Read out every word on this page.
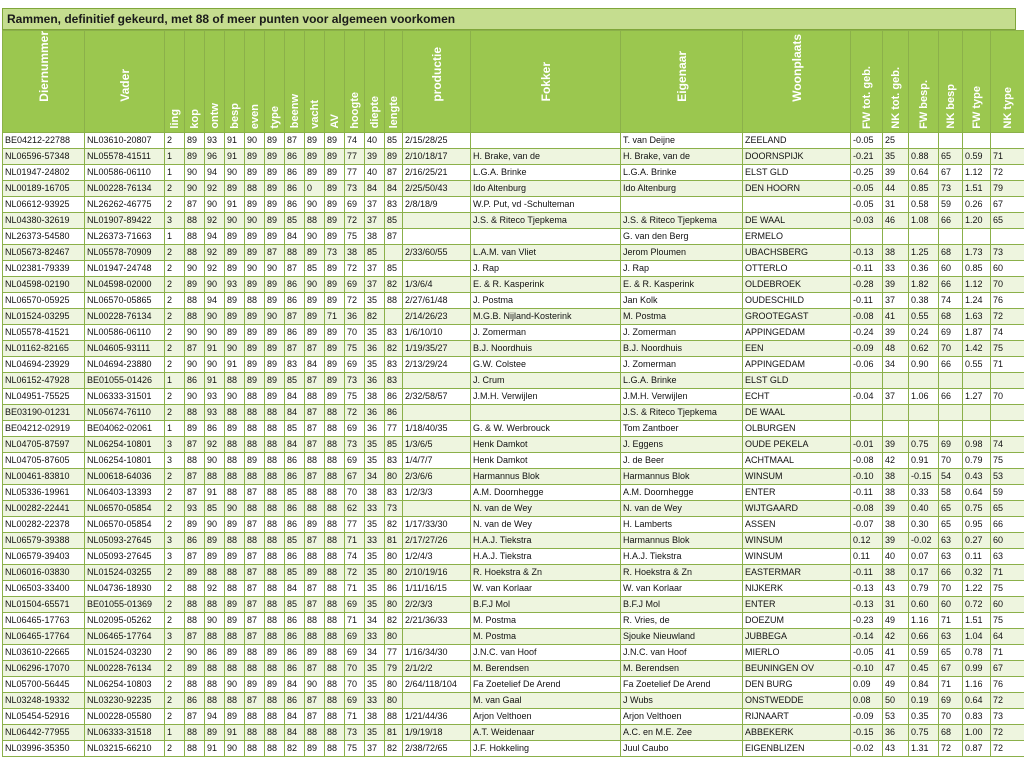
Rammen, definitief gekeurd, met 88 of meer punten voor algemeen voorkomen
Diernummer	Vader	ling	kop	ontw	besp	even	type	beenw	vacht	AV	hoogte	diepte	lengte	productie	Fokker	Eigenaar	Woonplaats	FW tot. geb.	NK tot. geb.	FW besp.	NK besp	FW type	NK type

BE04212-22788	NL03610-20807	2	89	93	91	90	89	87	89	89	74	40	85	2/15/28/25		T. van Deijne	ZEELAND	-0.05	25				
NL06596-57348	NL05578-41511	1	89	96	91	89	89	86	89	89	77	39	89	2/10/18/17	H. Brake, van de	H. Brake, van de	DOORNSPIJK	-0.21	35	0.88	65	0.59	71
NL01947-24802	NL00586-06110	1	90	94	90	89	89	86	89	89	77	40	87	2/16/25/21	L.G.A. Brinke	L.G.A. Brinke	ELST GLD	-0.25	39	0.64	67	1.12	72
NL00189-16705	NL00228-76134	2	90	92	89	88	89	86	0	89	73	84	84	2/25/50/43	Ido Altenburg	Ido Altenburg	DEN HOORN	-0.05	44	0.85	73	1.51	79
NL06612-93925	NL26262-46775	2	87	90	91	89	89	86	90	89	69	37	83	2/8/18/9	W.P. Put, vd -Schulteman			-0.05	31	0.58	59	0.26	67
NL04380-32619	NL01907-89422	3	88	92	90	90	89	85	88	89	72	37	85		J.S. & Riteco Tjepkema	J.S. & Riteco Tjepkema	DE WAAL	-0.03	46	1.08	66	1.20	65
NL26373-54580	NL26373-71663	1	88	94	89	89	89	84	90	89	75	38	87			G. van den Berg	ERMELO						
NL05673-82467	NL05578-70909	2	88	92	89	89	87	88	89	73	38	85		2/33/60/55	L.A.M. van Vliet	Jerom Ploumen	UBACHSBERG	-0.13	38	1.25	68	1.73	73
NL02381-79339	NL01947-24748	2	90	92	89	90	90	87	85	89	72	37	85		J. Rap	J. Rap	OTTERLO	-0.11	33	0.36	60	0.85	60
NL04598-02190	NL04598-02000	2	89	90	93	89	89	86	90	89	69	37	82	1/3/6/4	E. & R. Kasperink	E. & R. Kasperink	OLDEBROEK	-0.28	39	1.82	66	1.12	70
NL06570-05925	NL06570-05865	2	88	94	89	88	89	86	89	89	72	35	88	2/27/61/48	J. Postma	Jan Kolk	OUDESCHILD	-0.11	37	0.38	74	1.24	76
NL01524-03295	NL00228-76134	2	88	90	89	89	90	87	89	71	36	82		2/14/26/23	M.G.B. Nijland-Kosterink	M. Postma	GROOTEGAST	-0.08	41	0.55	68	1.63	72
NL05578-41521	NL00586-06110	2	90	90	89	89	89	86	89	89	70	35	83	1/6/10/10	J. Zomerman	J. Zomerman	APPINGEDAM	-0.24	39	0.24	69	1.87	74
NL01162-82165	NL04605-93111	2	87	91	90	89	89	87	87	89	75	36	82	1/19/35/27	B.J. Noordhuis	B.J. Noordhuis	EEN	-0.09	48	0.62	70	1.42	75
NL04694-23929	NL04694-23880	2	90	90	91	89	89	83	84	89	69	35	83	2/13/29/24	G.W. Colstee	J. Zomerman	APPINGEDAM	-0.06	34	0.90	66	0.55	71
NL06152-47928	BE01055-01426	1	86	91	88	89	89	85	87	89	73	36	83		J. Crum	L.G.A. Brinke	ELST GLD						
NL04951-75525	NL06333-31501	2	90	93	90	88	89	84	88	89	75	38	86	2/32/58/57	J.M.H. Verwijlen	J.M.H. Verwijlen	ECHT	-0.04	37	1.06	66	1.27	70
BE03190-01231	NL05674-76110	2	88	93	88	88	88	84	87	88	72	36	86			J.S. & Riteco Tjepkema	DE WAAL						
BE04212-02919	BE04062-02061	1	89	86	89	88	88	85	87	88	69	36	77	1/18/40/35	G. & W. Werbrouck	Tom Zantboer	OLBURGEN						
NL04705-87597	NL06254-10801	3	87	92	88	88	88	84	87	88	73	35	85	1/3/6/5	Henk Damkot	J. Eggens	OUDE PEKELA	-0.01	39	0.75	69	0.98	74
NL04705-87605	NL06254-10801	3	88	90	88	89	88	86	88	88	69	35	83	1/4/7/7	Henk Damkot	J. de Beer	ACHTMAAL	-0.08	42	0.91	70	0.79	75
NL00461-83810	NL00618-64036	2	87	88	88	88	88	86	87	88	67	34	80	2/3/6/6	Harmannus Blok	Harmannus Blok	WINSUM	-0.10	38	-0.15	54	0.43	53
NL05336-19961	NL06403-13393	2	87	91	88	87	88	85	88	88	70	38	83	1/2/3/3	A.M. Doornhegge	A.M. Doornhegge	ENTER	-0.11	38	0.33	58	0.64	59
NL00282-22441	NL06570-05854	2	93	85	90	88	88	86	88	88	62	33	73		N. van de Wey	N. van de Wey	WIJTGAARD	-0.08	39	0.40	65	0.75	65
NL00282-22378	NL06570-05854	2	89	90	89	87	88	86	89	88	77	35	82	1/17/33/30	N. van de Wey	H. Lamberts	ASSEN	-0.07	38	0.30	65	0.95	66
NL06579-39388	NL05093-27645	3	86	89	88	88	88	85	87	88	71	33	81	2/17/27/26	H.A.J. Tiekstra	Harmannus Blok	WINSUM	0.12	39	-0.02	63	0.27	60
NL06579-39403	NL05093-27645	3	87	89	89	87	88	86	88	88	74	35	80	1/2/4/3	H.A.J. Tiekstra	H.A.J. Tiekstra	WINSUM	0.11	40	0.07	63	0.11	63
NL06016-03830	NL01524-03255	2	89	88	88	87	88	85	89	88	72	35	80	2/10/19/16	R. Hoekstra & Zn	R. Hoekstra & Zn	EASTERMAR	-0.11	38	0.17	66	0.32	71
NL06503-33400	NL04736-18930	2	88	92	88	87	88	84	87	88	71	35	86	1/11/16/15	W. van Korlaar	W. van Korlaar	NIJKERK	-0.13	43	0.79	70	1.22	75
NL01504-65571	BE01055-01369	2	88	88	89	87	88	85	87	88	69	35	80	2/2/3/3	B.F.J Mol	B.F.J Mol	ENTER	-0.13	31	0.60	60	0.72	60
NL06465-17763	NL02095-05262	2	88	90	89	87	88	86	88	88	71	34	82	2/21/36/33	M. Postma	R. Vries, de	DOEZUM	-0.23	49	1.16	71	1.51	75
NL06465-17764	NL06465-17764	3	87	88	88	87	88	86	88	88	69	33	80		M. Postma	Sjouke Nieuwland	JUBBEGA	-0.14	42	0.66	63	1.04	64
NL03610-22665	NL01524-03230	2	90	86	89	88	89	86	89	88	69	34	77	1/16/34/30	J.N.C. van Hoof	J.N.C. van Hoof	MIERLO	-0.05	41	0.59	65	0.78	71
NL06296-17070	NL00228-76134	2	89	88	88	88	88	86	87	88	70	35	79	2/1/2/2	M. Berendsen	M. Berendsen	BEUNINGEN OV	-0.10	47	0.45	67	0.99	67
NL05700-56445	NL06254-10803	2	88	88	90	89	89	84	90	88	70	35	80	2/64/118/104	Fa Zoetelief De Arend	Fa Zoetelief De Arend	DEN BURG	0.09	49	0.84	71	1.16	76
NL03248-19332	NL03230-92235	2	86	88	88	87	88	86	87	88	69	33	80		M. van Gaal	J Wubs	ONSTWEDDE	0.08	50	0.19	69	0.64	72
NL05454-52916	NL00228-05580	2	87	94	89	88	88	84	87	88	71	38	88	1/21/44/36	Arjon Velthoen	Arjon Velthoen	RIJNAART	-0.09	53	0.35	70	0.83	73
NL06442-77955	NL06333-31518	1	88	89	91	88	88	84	88	88	73	35	81	1/9/19/18	A.T. Weidenaar	A.C. en M.E. Zee	ABBEKERK	-0.15	36	0.75	68	1.00	72
NL03996-35350	NL03215-66210	2	88	91	90	88	88	82	89	88	75	37	82	2/38/72/65	J.F. Hokkeling	Juul Caubo	EIGENBLIZEN	-0.02	43	1.31	72	0.87	72
